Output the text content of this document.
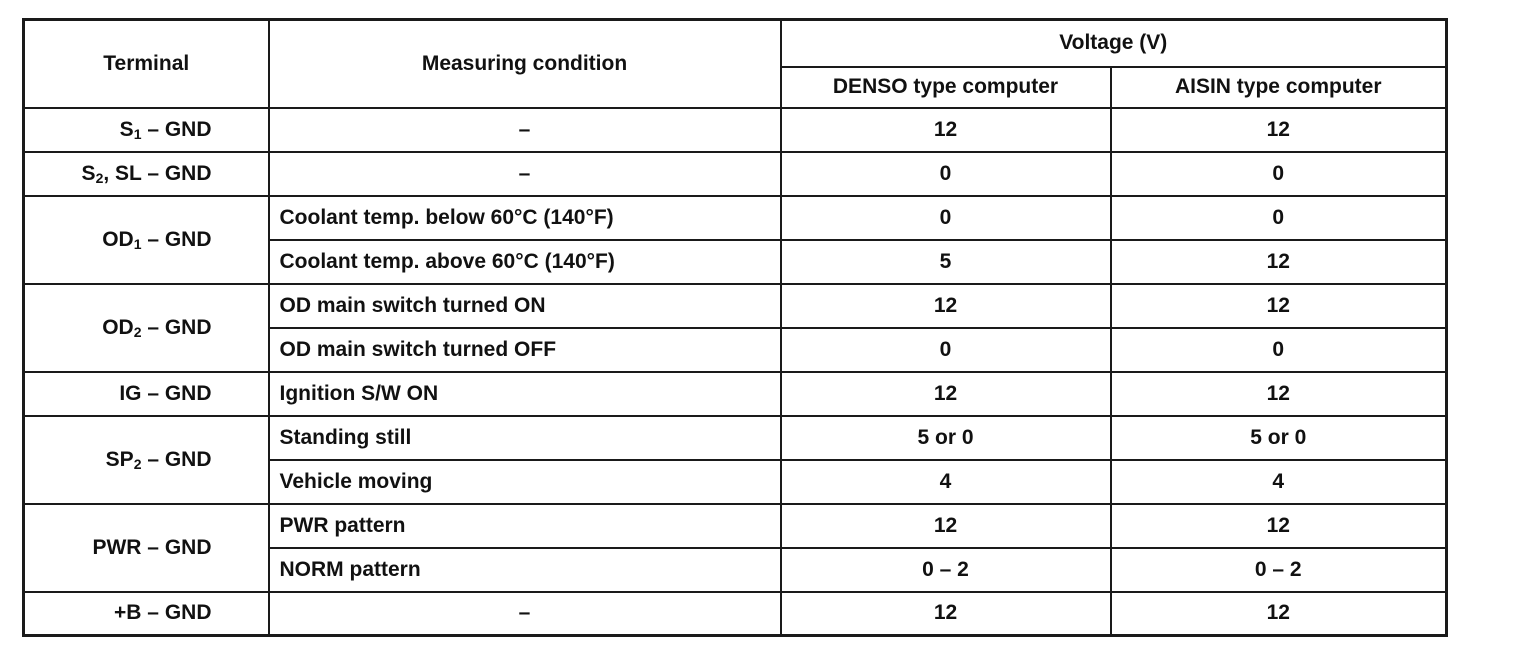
Terminal	Measuring condition	Voltage (V)	
		DENSO type computer	AISIN type computer
$S_1$ – GND	–	12	12
$S_2$, SL – GND	–	0	0
$OD_1$ – GND	Coolant temp. below 60°C (140°F)	0	0
	Coolant temp. above 60°C (140°F)	5	12
$OD_2$ – GND	OD main switch turned ON	12	12
	OD main switch turned OFF	0	0
IG – GND	Ignition S/W ON	12	12
$SP_2$ – GND	Standing still	5 or 0	5 or 0
	Vehicle moving	4	4
PWR – GND	PWR pattern	12	12
	NORM pattern	0 – 2	0 – 2
+B – GND	–	12	12
